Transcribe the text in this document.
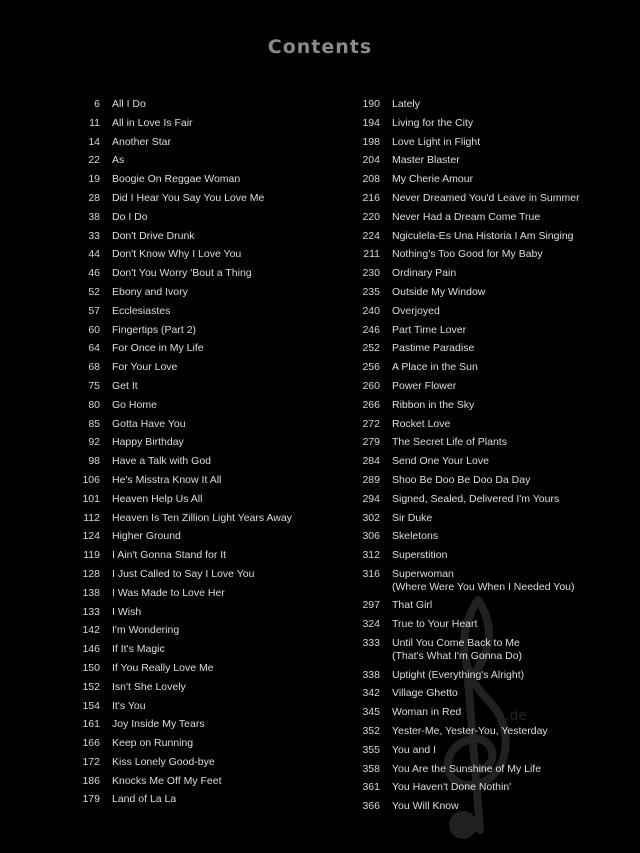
Contents
6 All I Do
11 All in Love Is Fair
14 Another Star
22 As
19 Boogie On Reggae Woman
28 Did I Hear You Say You Love Me
38 Do I Do
33 Don't Drive Drunk
44 Don't Know Why I Love You
46 Don't You Worry 'Bout a Thing
52 Ebony and Ivory
57 Ecclesiastes
60 Fingertips (Part 2)
64 For Once in My Life
68 For Your Love
75 Get It
80 Go Home
85 Gotta Have You
92 Happy Birthday
98 Have a Talk with God
106 He's Misstra Know It All
101 Heaven Help Us All
112 Heaven Is Ten Zillion Light Years Away
124 Higher Ground
119 I Ain't Gonna Stand for It
128 I Just Called to Say I Love You
138 I Was Made to Love Her
133 I Wish
142 I'm Wondering
146 If It's Magic
150 If You Really Love Me
152 Isn't She Lovely
154 It's You
161 Joy Inside My Tears
166 Keep on Running
172 Kiss Lonely Good-bye
186 Knocks Me Off My Feet
179 Land of La La
190 Lately
194 Living for the City
198 Love Light in Flight
204 Master Blaster
208 My Cherie Amour
216 Never Dreamed You'd Leave in Summer
220 Never Had a Dream Come True
224 Ngiculela-Es Una Historia I Am Singing
211 Nothing's Too Good for My Baby
230 Ordinary Pain
235 Outside My Window
240 Overjoyed
246 Part Time Lover
252 Pastime Paradise
256 A Place in the Sun
260 Power Flower
266 Ribbon in the Sky
272 Rocket Love
279 The Secret Life of Plants
284 Send One Your Love
289 Shoo Be Doo Be Doo Da Day
294 Signed, Sealed, Delivered I'm Yours
302 Sir Duke
306 Skeletons
312 Superstition
316 Superwoman
(Where Were You When I Needed You)
297 That Girl
324 True to Your Heart
333 Until You Come Back to Me
(That's What I'm Gonna Do)
338 Uptight (Everything's Alright)
342 Village Ghetto
345 Woman in Red
352 Yester-Me, Yester-You, Yesterday
355 You and I
358 You Are the Sunshine of My Life
361 You Haven't Done Nothin'
366 You Will Know
n.de
